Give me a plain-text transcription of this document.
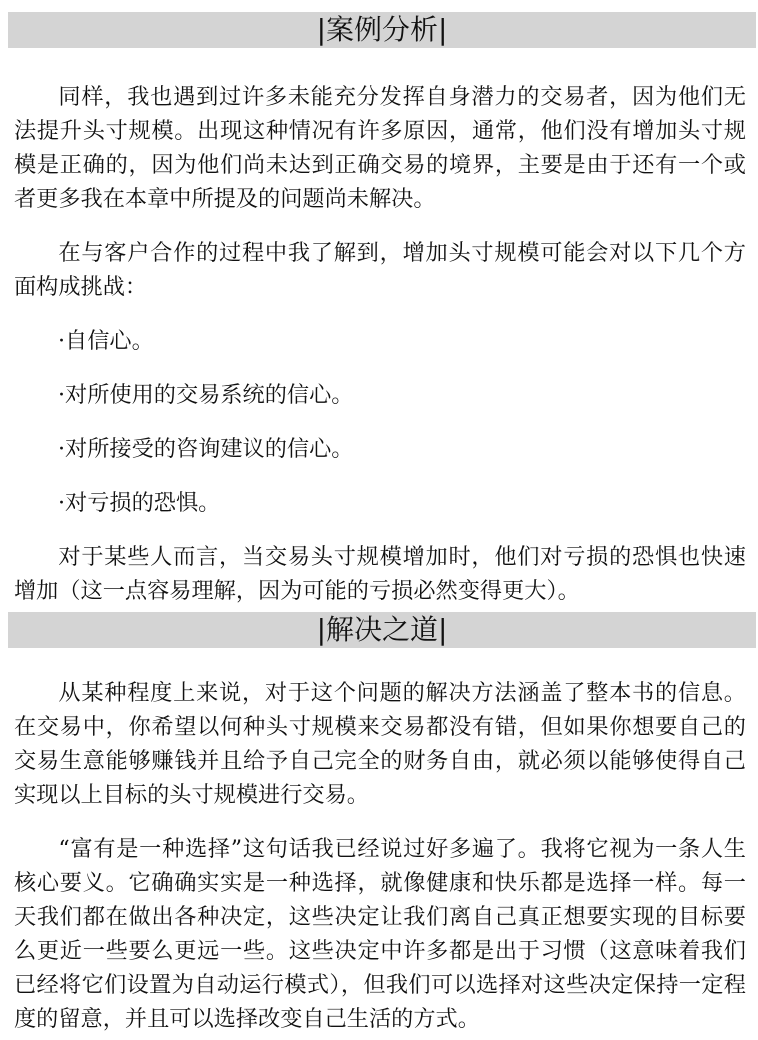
|案例分析|

同样，我也遇到过许多未能充分发挥自身潜力的交易者，因为他们无法提升头寸规模。出现这种情况有许多原因，通常，他们没有增加头寸规模是正确的，因为他们尚未达到正确交易的境界，主要是由于还有一个或者更多我在本章中所提及的问题尚未解决。

在与客户合作的过程中我了解到，增加头寸规模可能会对以下几个方面构成挑战：

·自信心。

·对所使用的交易系统的信心。

·对所接受的咨询建议的信心。

·对亏损的恐惧。

对于某些人而言，当交易头寸规模增加时，他们对亏损的恐惧也快速增加（这一点容易理解，因为可能的亏损必然变得更大）。

|解决之道|

从某种程度上来说，对于这个问题的解决方法涵盖了整本书的信息。在交易中，你希望以何种头寸规模来交易都没有错，但如果你想要自己的交易生意能够赚钱并且给予自己完全的财务自由，就必须以能够使得自己实现以上目标的头寸规模进行交易。

“富有是一种选择”这句话我已经说过好多遍了。我将它视为一条人生核心要义。它确确实实是一种选择，就像健康和快乐都是选择一样。每一天我们都在做出各种决定，这些决定让我们离自己真正想要实现的目标要么更近一些要么更远一些。这些决定中许多都是出于习惯（这意味着我们已经将它们设置为自动运行模式），但我们可以选择对这些决定保持一定程度的留意，并且可以选择改变自己生活的方式。
